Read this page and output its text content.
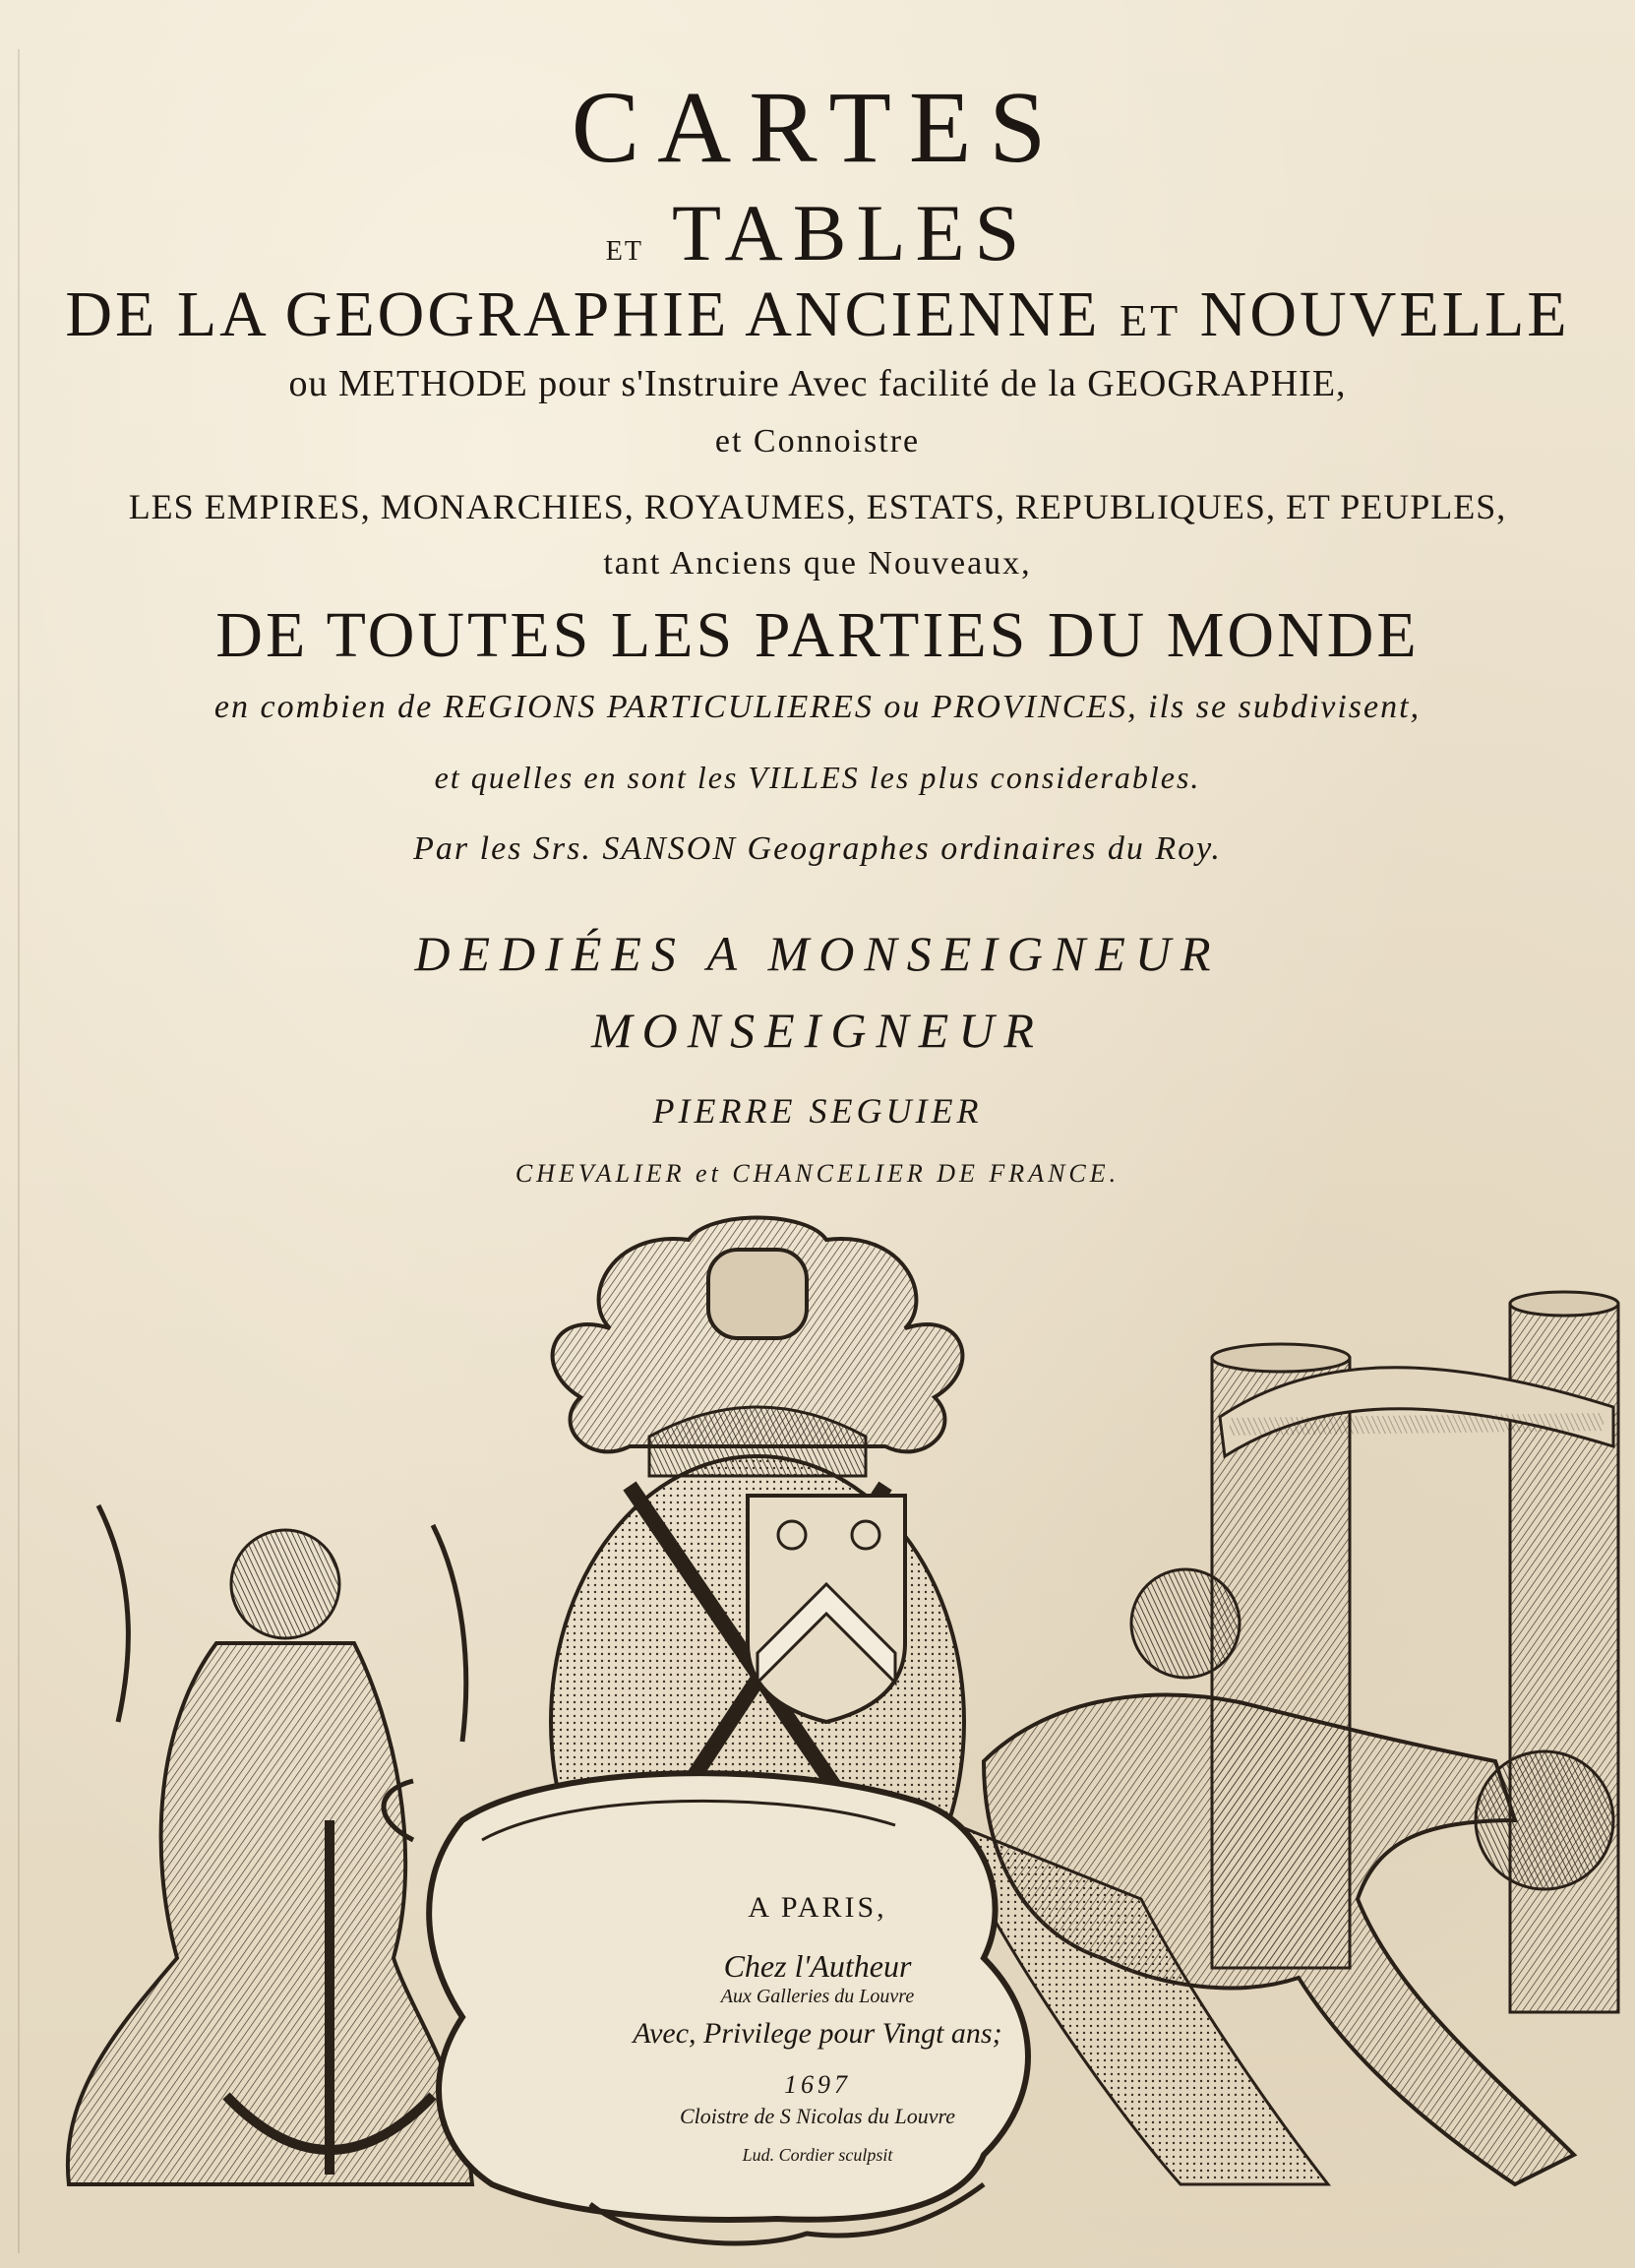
CARTES
et TABLES
DE LA GEOGRAPHIE ANCIENNE et NOUVELLE
ou METHODE pour s'Instruire Avec facilité de la GEOGRAPHIE,
et Connoistre
LES EMPIRES, MONARCHIES, ROYAUMES, ESTATS, REPUBLIQUES, ET PEUPLES,
tant Anciens que Nouveaux,
DE TOUTES LES PARTIES DU MONDE
en combien de REGIONS PARTICULIERES ou PROVINCES, ils se subdivisent,
et quelles en sont les VILLES les plus considerables.
Par les Srs. SANSON Geographes ordinaires du Roy.
DEDIÉES A MONSEIGNEUR
MONSEIGNEUR
PIERRE SEGUIER
CHEVALIER et CHANCELIER DE FRANCE.
A PARIS,
Chez l'Autheur
Aux Galleries du Louvre
Avec, Privilege pour Vingt ans;
1697
Cloistre de S Nicolas du Louvre
Lud. Cordier sculpsit
